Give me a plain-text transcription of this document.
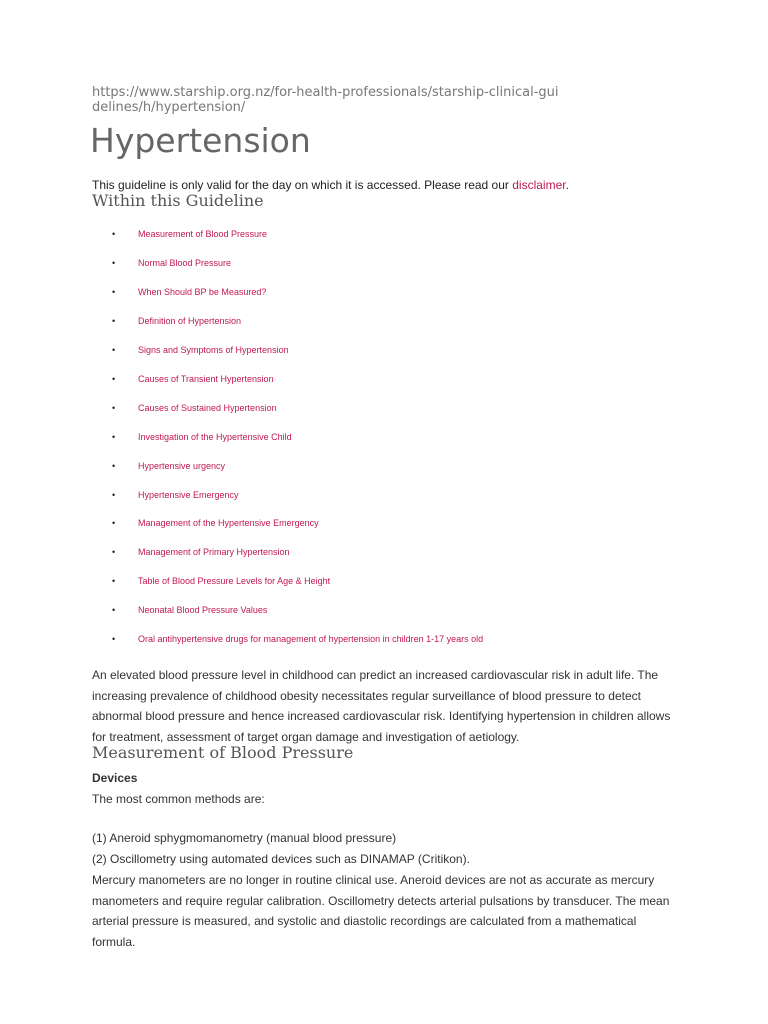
https://www.starship.org.nz/for-health-professionals/starship-clinical-guidelines/h/hypertension/
Hypertension
This guideline is only valid for the day on which it is accessed. Please read our disclaimer.
Within this Guideline
•	Measurement of Blood Pressure
•	Normal Blood Pressure
•	When Should BP be Measured?
•	Definition of Hypertension
•	Signs and Symptoms of Hypertension
•	Causes of Transient Hypertension
•	Causes of Sustained Hypertension
•	Investigation of the Hypertensive Child
•	Hypertensive urgency
•	Hypertensive Emergency
•	Management of the Hypertensive Emergency
•	Management of Primary Hypertension
•	Table of Blood Pressure Levels for Age & Height
•	Neonatal Blood Pressure Values
•	Oral antihypertensive drugs for management of hypertension in children 1-17 years old

An elevated blood pressure level in childhood can predict an increased cardiovascular risk in adult life. The increasing prevalence of childhood obesity necessitates regular surveillance of blood pressure to detect abnormal blood pressure and hence increased cardiovascular risk. Identifying hypertension in children allows for treatment, assessment of target organ damage and investigation of aetiology.

Measurement of Blood Pressure
Devices
The most common methods are:
(1) Aneroid sphygmomanometry (manual blood pressure)
(2) Oscillometry using automated devices such as DINAMAP (Critikon).

Mercury manometers are no longer in routine clinical use. Aneroid devices are not as accurate as mercury manometers and require regular calibration. Oscillometry detects arterial pulsations by transducer. The mean arterial pressure is measured, and systolic and diastolic recordings are calculated from a mathematical formula.
